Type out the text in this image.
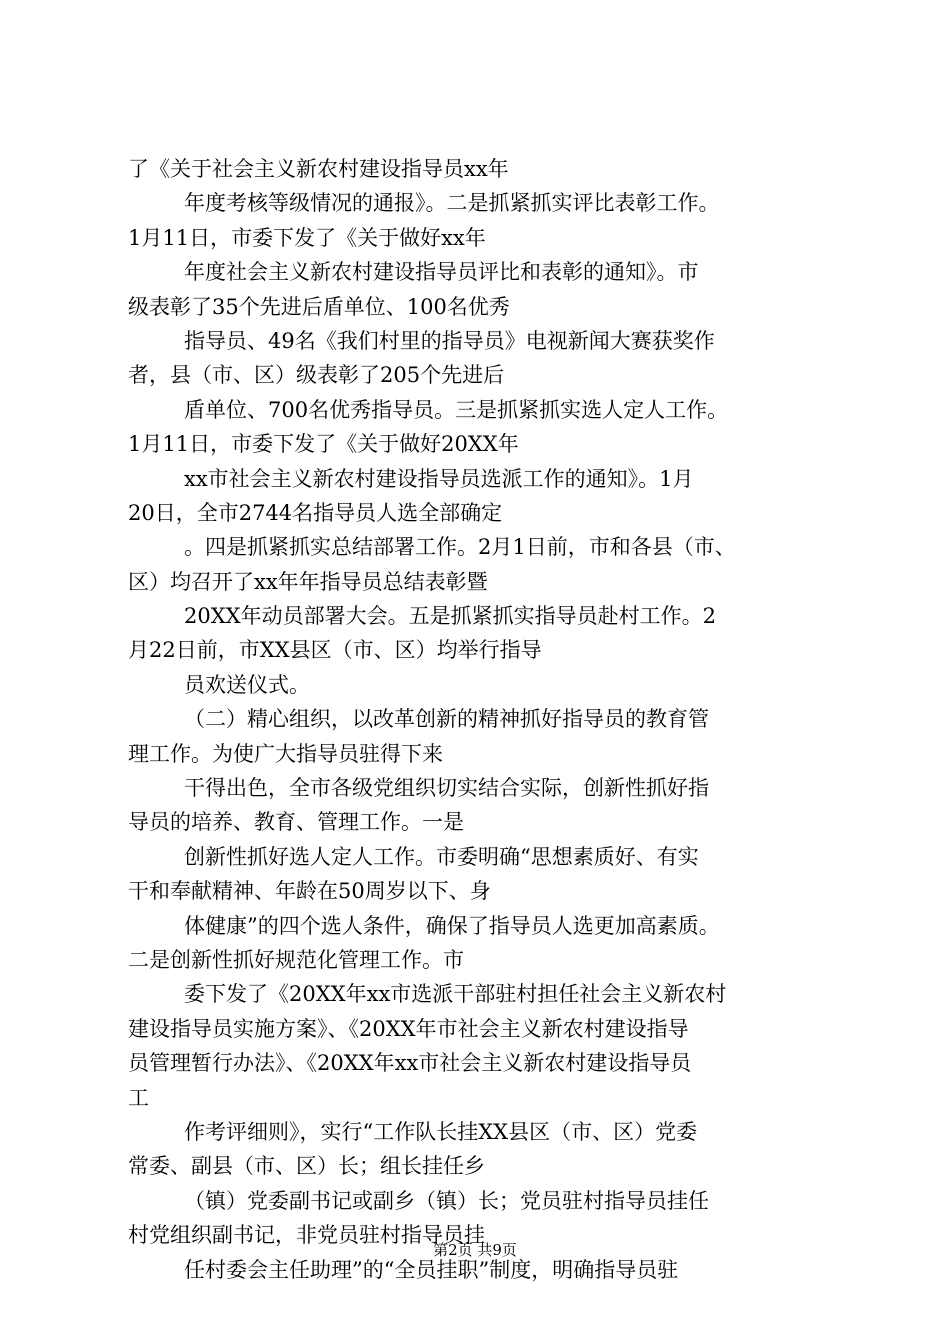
了《关于社会主义新农村建设指导员xx年
年度考核等级情况的通报》。二是抓紧抓实评比表彰工作。
1月11日，市委下发了《关于做好xx年
年度社会主义新农村建设指导员评比和表彰的通知》。市
级表彰了35个先进后盾单位、100名优秀
指导员、49名《我们村里的指导员》电视新闻大赛获奖作
者，县（市、区）级表彰了205个先进后
盾单位、700名优秀指导员。三是抓紧抓实选人定人工作。
1月11日，市委下发了《关于做好20XX年
xx市社会主义新农村建设指导员选派工作的通知》。1月
20日，全市2744名指导员人选全部确定
。四是抓紧抓实总结部署工作。2月1日前，市和各县（市、
区）均召开了xx年年指导员总结表彰暨
20XX年动员部署大会。五是抓紧抓实指导员赴村工作。2
月22日前，市XX县区（市、区）均举行指导
员欢送仪式。
（二）精心组织，以改革创新的精神抓好指导员的教育管
理工作。为使广大指导员驻得下来
干得出色，全市各级党组织切实结合实际，创新性抓好指
导员的培养、教育、管理工作。一是
创新性抓好选人定人工作。市委明确“思想素质好、有实
干和奉献精神、年龄在50周岁以下、身
体健康”的四个选人条件，确保了指导员人选更加高素质。
二是创新性抓好规范化管理工作。市
委下发了《20XX年xx市选派干部驻村担任社会主义新农村
建设指导员实施方案》、《20XX年市社会主义新农村建设指导
员管理暂行办法》、《20XX年xx市社会主义新农村建设指导员
工
作考评细则》，实行“工作队长挂XX县区（市、区）党委
常委、副县（市、区）长；组长挂任乡
（镇）党委副书记或副乡（镇）长；党员驻村指导员挂任
村党组织副书记，非党员驻村指导员挂
任村委会主任助理”的“全员挂职”制度，明确指导员驻
第2页 共9页
